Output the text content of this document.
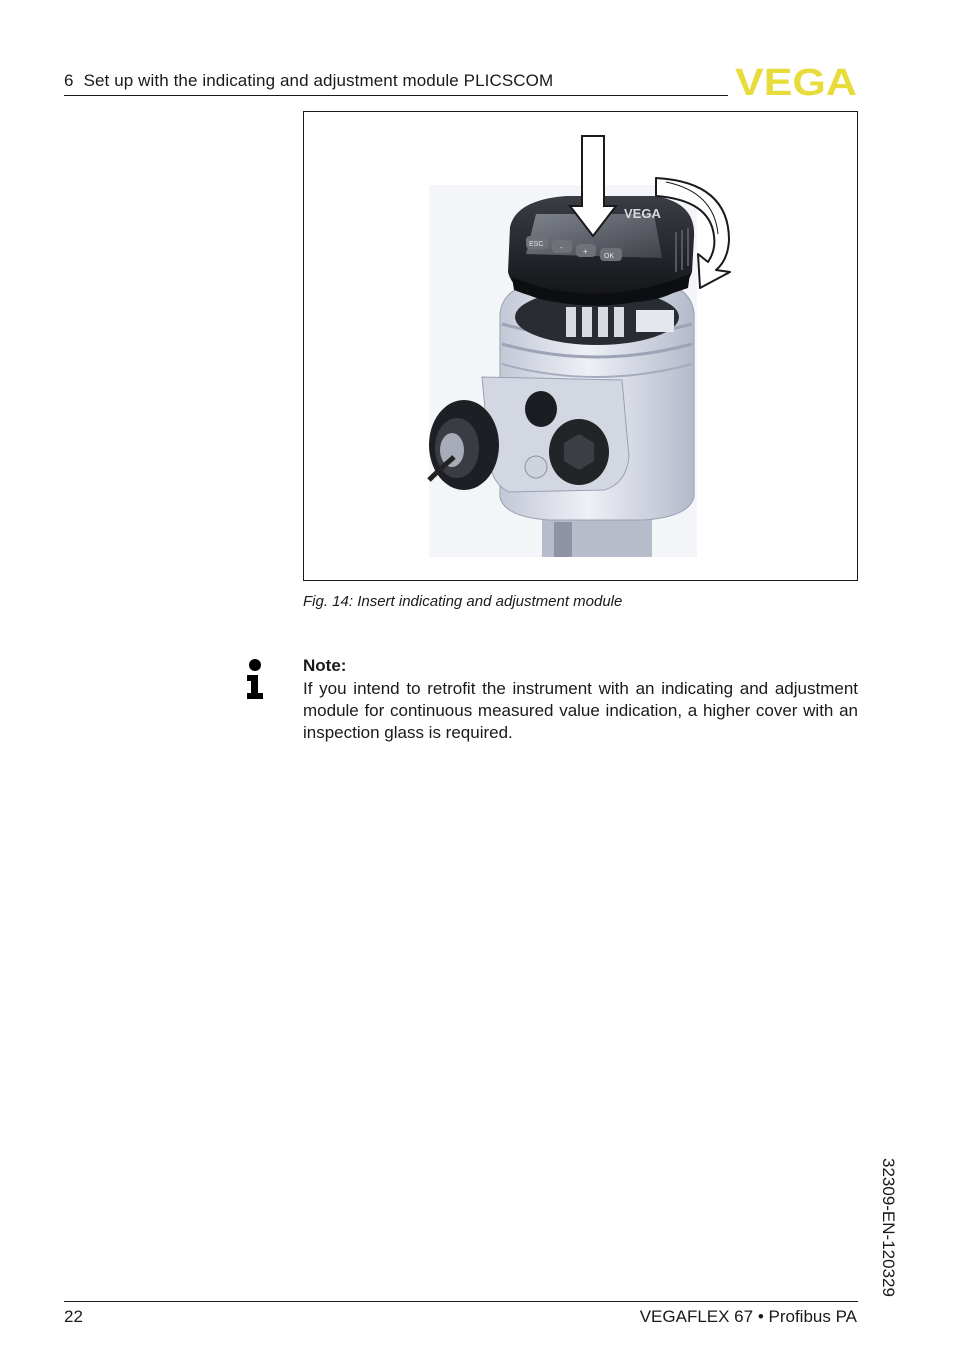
6 Set up with the indicating and adjustment module PLICSCOM	VEGA
VEGA
ESC -	+
OK
Fig. 14: Insert indicating and adjustment module
Note:
If you intend to retrofit the instrument with an indicating and adjustment module for continuous measured value indication, a higher cover with an inspection glass is required.
32309-EN-120329
22	VEGAFLEX 67 • Profibus PA
